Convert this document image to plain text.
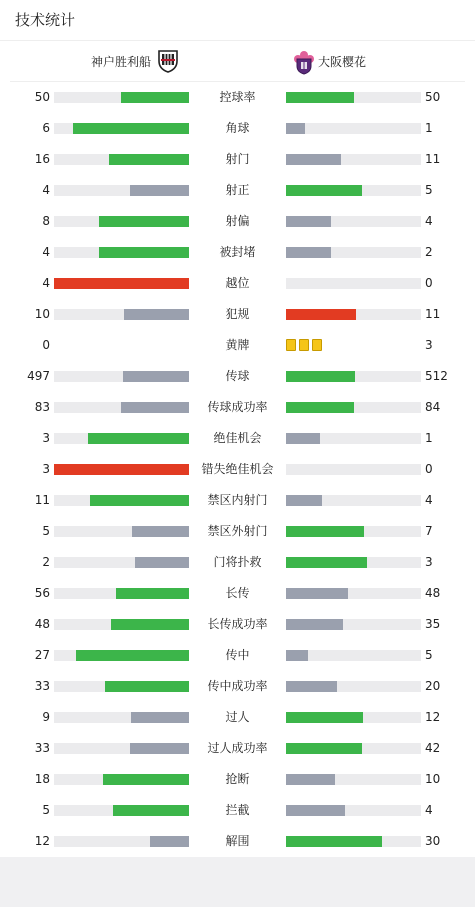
技术统计
神户胜利船	大阪樱花
50	控球率	50
6	角球	1
16	射门	11
4	射正	5
8	射偏	4
4	被封堵	2
4	越位	0
10	犯规	11
0	黄牌	3
497	传球	512
83	传球成功率	84
3	绝佳机会	1
3	错失绝佳机会	0
11	禁区内射门	4
5	禁区外射门	7
2	门将扑救	3
56	长传	48
48	长传成功率	35
27	传中	5
33	传中成功率	20
9	过人	12
33	过人成功率	42
18	抢断	10
5	拦截	4
12	解围	30
